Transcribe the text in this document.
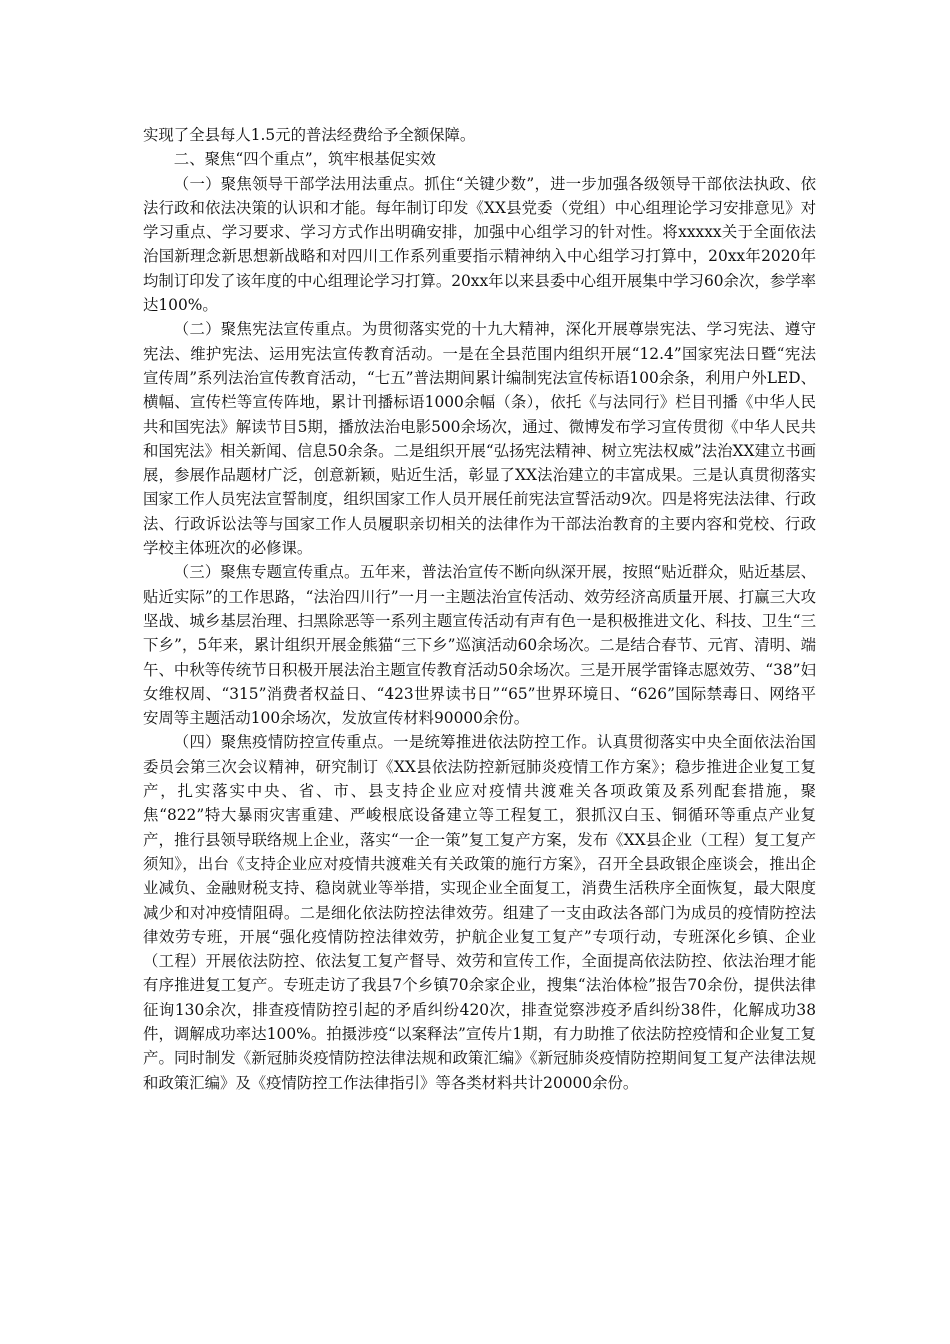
实现了全县每人1.5元的普法经费给予全额保障。

二、聚焦“四个重点”，筑牢根基促实效

（一）聚焦领导干部学法用法重点。抓住“关键少数”，进一步加强各级领导干部依法执政、依法行政和依法决策的认识和才能。每年制订印发《XX县党委（党组）中心组理论学习安排意见》对学习重点、学习要求、学习方式作出明确安排，加强中心组学习的针对性。将xxxxx关于全面依法治国新理念新思想新战略和对四川工作系列重要指示精神纳入中心组学习打算中，20xx年2020年均制订印发了该年度的中心组理论学习打算。20xx年以来县委中心组开展集中学习60余次，参学率达100%。

（二）聚焦宪法宣传重点。为贯彻落实党的十九大精神，深化开展尊崇宪法、学习宪法、遵守宪法、维护宪法、运用宪法宣传教育活动。一是在全县范围内组织开展“12.4”国家宪法日暨“宪法宣传周”系列法治宣传教育活动，“七五”普法期间累计编制宪法宣传标语100余条，利用户外LED、横幅、宣传栏等宣传阵地，累计刊播标语1000余幅（条），依托《与法同行》栏目刊播《中华人民共和国宪法》解读节目5期，播放法治电影500余场次，通过、微博发布学习宣传贯彻《中华人民共和国宪法》相关新闻、信息50余条。二是组织开展“弘扬宪法精神、树立宪法权威”法治XX建立书画展，参展作品题材广泛，创意新颖，贴近生活，彰显了XX法治建立的丰富成果。三是认真贯彻落实国家工作人员宪法宣誓制度，组织国家工作人员开展任前宪法宣誓活动9次。四是将宪法法律、行政法、行政诉讼法等与国家工作人员履职亲切相关的法律作为干部法治教育的主要内容和党校、行政学校主体班次的必修课。

（三）聚焦专题宣传重点。五年来，普法治宣传不断向纵深开展，按照“贴近群众，贴近基层、贴近实际”的工作思路，“法治四川行”一月一主题法治宣传活动、效劳经济高质量开展、打赢三大攻坚战、城乡基层治理、扫黑除恶等一系列主题宣传活动有声有色一是积极推进文化、科技、卫生“三下乡”，5年来，累计组织开展金熊猫“三下乡”巡演活动60余场次。二是结合春节、元宵、清明、端午、中秋等传统节日积极开展法治主题宣传教育活动50余场次。三是开展学雷锋志愿效劳、“38”妇女维权周、“315”消费者权益日、“423世界读书日”“65”世界环境日、“626”国际禁毒日、网络平安周等主题活动100余场次，发放宣传材料90000余份。

（四）聚焦疫情防控宣传重点。一是统筹推进依法防控工作。认真贯彻落实中央全面依法治国委员会第三次会议精神，研究制订《XX县依法防控新冠肺炎疫情工作方案》；稳步推进企业复工复产，扎实落实中央、省、市、县支持企业应对疫情共渡难关各项政策及系列配套措施，聚焦“822”特大暴雨灾害重建、严峻根底设备建立等工程复工，狠抓汉白玉、铜循环等重点产业复产，推行县领导联络规上企业，落实“一企一策”复工复产方案，发布《XX县企业（工程）复工复产须知》，出台《支持企业应对疫情共渡难关有关政策的施行方案》，召开全县政银企座谈会，推出企业减负、金融财税支持、稳岗就业等举措，实现企业全面复工，消费生活秩序全面恢复，最大限度减少和对冲疫情阻碍。二是细化依法防控法律效劳。组建了一支由政法各部门为成员的疫情防控法律效劳专班，开展“强化疫情防控法律效劳，护航企业复工复产”专项行动，专班深化乡镇、企业（工程）开展依法防控、依法复工复产督导、效劳和宣传工作，全面提高依法防控、依法治理才能有序推进复工复产。专班走访了我县7个乡镇70余家企业，搜集“法治体检”报告70余份，提供法律征询130余次，排查疫情防控引起的矛盾纠纷420次，排查觉察涉疫矛盾纠纷38件，化解成功38件，调解成功率达100%。拍摄涉疫“以案释法”宣传片1期，有力助推了依法防控疫情和企业复工复产。同时制发《新冠肺炎疫情防控法律法规和政策汇编》《新冠肺炎疫情防控期间复工复产法律法规和政策汇编》及《疫情防控工作法律指引》等各类材料共计20000余份。
